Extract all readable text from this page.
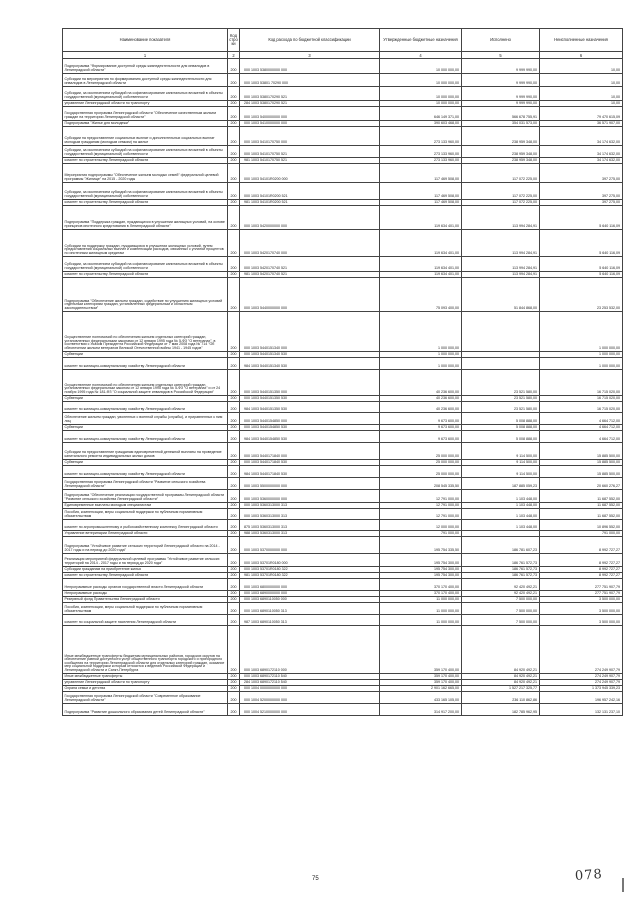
Наименование показателя	Код стро ки	Код расхода по бюджетной классификации	Утвержденные бюджетные назначения	Исполнено	Неисполненные назначения
1	2	3	4	5	6
Подпрограмма "Формирование доступной среды жизнедеятельности для инвалидов в Ленинградской области"	200	000 1003 5380000000 000	10 000 000,00	9 999 990,00	10,00
Субсидии на мероприятия по формированию доступной среды жизнедеятельности для инвалидов в Ленинградской области	200	000 1003 53801 70290 000	10 000 000,00	9 999 990,00	10,00
Субсидии, за исключением субсидий на софинансирование капитальных вложений в объекты государственной (муниципальной) собственности	200	000 1003 5380170290 521	10 000 000,00	9 999 990,00	10,00
управление Ленинградской области по транспорту	200	284 1003 5380170290 521	10 000 000,00	9 999 990,00	10,00
Государственная программа Ленинградской области "Обеспечение качественным жильем граждан на территории Ленинградской области"	200	000 1003 5400000000 000	646 149 371,00	566 678 755,91	79 470 615,09
Подпрограмма "Жилье для молодежи"	200	000 1003 5410000000 000	390 603 468,00	354 031 573,00	36 571 907,00
Субсидии на предоставление социальных выплат и дополнительных социальных выплат молодым гражданам (молодым семьям) на жилье	200	000 1003 5410170750 000	273 133 960,00	238 959 348,00	34 174 632,00
Субсидии, за исключением субсидий на софинансирование капитальных вложений в объекты государственной (муниципальной) собственности	200	000 1003 5410170750 521	273 133 960,00	238 959 348,00	34 174 632,00
комитет по строительству Ленинградской области	200	981 1003 5410170750 521	273 133 960,00	238 959 348,00	34 174 632,00
Мероприятия подпрограммы "Обеспечение жильем молодых семей" федеральной целевой программы "Жилище" на 2015 - 2020 годы	200	000 1003 54101R0200 000	117 469 508,00	117 072 225,00	397 275,00
Субсидии, за исключением субсидий на софинансирование капитальных вложений в объекты государственной (муниципальной) собственности	200	000 1003 54101R0200 521	117 469 508,00	117 072 225,00	397 275,00
комитет по строительству Ленинградской области	200	981 1003 54101R0200 521	117 469 508,00	117 072 225,00	397 275,00
Подпрограмма "Поддержка граждан, нуждающихся в улучшении жилищных условий, на основе принципов ипотечного кредитования в Ленинградской области"	200	000 1003 5420000000 000	119 634 401,00	113 994 284,91	5 640 116,09
Субсидии на поддержку граждан, нуждающихся в улучшении жилищных условий, путем предоставления социальных выплат и компенсации расходов, связанных с уплатой процентов по ипотечным жилищным кредитам	200	000 1003 5420170740 000	119 634 401,00	113 994 284,91	5 640 116,09
Субсидии, за исключением субсидий на софинансирование капитальных вложений в объекты государственной (муниципальной) собственности	200	000 1003 5420170740 521	119 634 401,00	113 994 284,91	5 640 116,09
комитет по строительству Ленинградской области	200	981 1003 5420170740 521	119 634 401,00	113 994 284,91	5 640 116,09
Подпрограмма "Обеспечение жильем граждан, содействие по улучшению жилищных условий отдельным категориям граждан, установленных федеральным и областным законодательством"	200	000 1003 5440000000 000	75 093 400,00	51 844 868,00	23 253 532,00
Осуществление полномочий по обеспечению жильем отдельных категорий граждан, установленных федеральными законами от 12 января 1995 года № 5-ФЗ "О ветеранах", в соответствии с Указом Президента Российской Федерации от 7 мая 2008 года № 714 "Об обеспечении жильем ветеранов Великой Отечественной войны 1941 - 1945 годов"	200	000 1003 5440151340 000	1 000 000,00		1 000 000,00
Субвенции	200	000 1003 5440151340 530	1 000 000,00		1 000 000,00
комитет по жилищно-коммунальному хозяйству Ленинградской области	200	984 1003 5440151340 530	1 000 000,00		1 000 000,00
Осуществление полномочий по обеспечению жильем отдельных категорий граждан, установленных федеральным законом от 12 января 1995 года № 5-ФЗ "О ветеранах" и от 24 ноября 1995 года № 181-ФЗ "О социальной защите инвалидов в Российской Федерации"	200	000 1003 5440151350 000	40 236 600,00	23 521 580,00	16 715 020,00
Субвенции	200	000 1003 5440151350 530	40 236 600,00	23 521 580,00	16 715 020,00
комитет по жилищно-коммунальному хозяйству Ленинградской области	200	984 1003 5440151350 530	40 236 600,00	23 521 580,00	16 715 020,00
Обеспечение жильем граждан, уволенных с военной службы (службы), и приравненных к ним лиц	200	000 1003 5440154850 000	9 673 600,00	5 008 888,00	4 664 712,00
Субвенции	200	000 1003 5440154850 530	9 673 600,00	5 008 888,00	4 664 712,00
комитет по жилищно-коммунальному хозяйству Ленинградской области	200	984 1003 5440154850 530	9 673 600,00	5 008 888,00	4 664 712,00
Субсидии на предоставление гражданам единовременной денежной выплаты на проведение капитального ремонта индивидуальных жилых домов	200	000 1003 5440171840 000	25 000 000,00	9 114 500,00	15 885 500,00
Субвенции	200	000 1003 5440171840 530	25 000 000,00	9 114 500,00	15 885 500,00
комитет по жилищно-коммунальному хозяйству Ленинградской области	200	984 1003 5440171840 530	25 000 000,00	9 114 500,00	15 885 500,00
Государственная программа Ленинградской области "Развитие сельского хозяйства Ленинградской области"	200	000 1003 5500000000 000	208 545 335,50	187 885 059,23	20 660 276,27
Подпрограмма "Обеспечение реализации государственной программы Ленинградской области "Развитие сельского хозяйства Ленинградской области"	200	000 1003 5360000000 000	12 791 000,00	1 103 448,00	11 687 552,00
Единовременные выплаты молодым специалистам	200	000 1003 5360313000 313	12 791 000,00	1 103 448,00	11 687 552,00
Пособия, компенсации, меры социальной поддержки по публичным нормативным обязательствам	200	000 1003 5360313000 313	12 791 000,00	1 103 448,00	11 687 552,00
комитет по агропромышленному и рыбохозяйственному комплексу Ленинградской области	200	875 1003 5360313000 313	12 000 000,00	1 103 448,00	10 896 552,00
Управление ветеринарии Ленинградской области	200	988 1003 5360313000 313	791 000,00		791 000,00
Подпрограмма "Устойчивое развитие сельских территорий Ленинградской области на 2014 - 2017 годы и на период до 2020 года"	200	000 1003 5370000000 000	195 754 335,50	186 781 607,23	8 992 727,27
Реализация мероприятий федеральной целевой программы "Устойчивое развитие сельских территорий на 2014 - 2017 годы и на период до 2020 года"	200	000 1003 53701R0180 000	195 754 300,00	186 761 572,73	8 992 727,27
Субсидии гражданам на приобретение жилья	200	000 1003 53701R0180 322	195 754 300,00	186 761 572,73	8 992 727,27
комитет по строительству Ленинградской области	200	981 1003 53701R0180 322	195 754 300,00	186 761 572,73	8 992 727,27
Непрограммные расходы органов государственной власти Ленинградской области	200	000 1003 6800000000 000	370 170 400,00	92 420 492,21	277 751 907,79
Непрограммные расходы	200	000 1003 6890000000 000	370 170 400,00	92 420 492,21	277 751 907,79
Резервный фонд Правительства Ленинградской области	200	000 1003 6890110050 000	11 000 000,00	7 500 000,00	3 500 000,00
Пособия, компенсации, меры социальной поддержки по публичным нормативным обязательствам	200	000 1003 6890110050 313	11 000 000,00	7 500 000,00	3 500 000,00
комитет по социальной защите населения Ленинградской области	200	987 1003 6890110050 313	11 000 000,00	7 500 000,00	3 500 000,00
Иные межбюджетные трансферты бюджетам муниципальных районов, городских округов на обеспечение равной доступности услуг общественного транспорта городского и пригородного сообщения на территории Ленинградской области для отдельных категорий граждан, оказание мер социальной поддержки которым относится к ведению Российской Федерации и Ленинградской области и Санкт-Петербурга	200	000 1003 6890172110 000	359 170 400,00	84 920 492,21	274 249 907,79
Иные межбюджетные трансферты	200	000 1003 6890172110 540	359 170 400,00	84 920 492,21	274 249 907,79
управление Ленинградской области по транспорту	200	284 1003 6890172110 540	359 170 400,00	84 920 492,21	274 249 907,79
Охрана семьи и детства	200	000 1004 0000000000 000	2 901 162 665,00	1 527 217 325,77	1 373 945 339,23
Государственная программа Ленинградской области "Современное образование Ленинградской области"	200	000 1004 5200000000 000	433 165 105,00	236 110 862,86	196 957 242,16
Подпрограмма "Развитие дошкольного образования детей Ленинградской области"	200	000 1004 5210000000 000	314 917 200,00	182 785 962,95	132 131 237,10
75	078
